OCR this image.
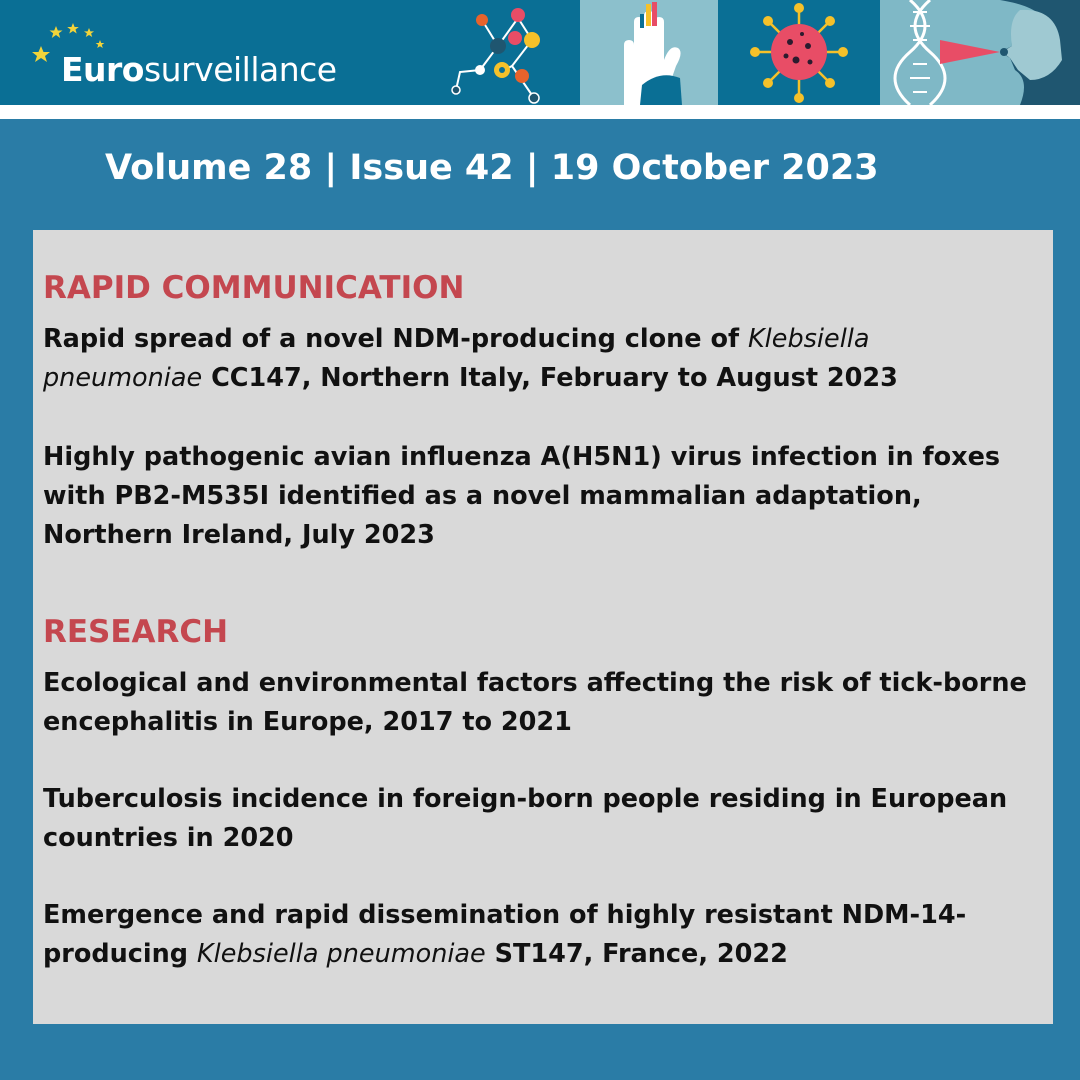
Eurosurveillance
Volume 28 | Issue 42 | 19 October 2023
RAPID COMMUNICATION
Rapid spread of a novel NDM-producing clone of Klebsiella pneumoniae CC147, Northern Italy, February to August 2023
Highly pathogenic avian influenza A(H5N1) virus infection in foxes with PB2-M535I identified as a novel mammalian adaptation, Northern Ireland, July 2023
RESEARCH
Ecological and environmental factors affecting the risk of tick-borne encephalitis in Europe, 2017 to 2021
Tuberculosis incidence in foreign-born people residing in European countries in 2020
Emergence and rapid dissemination of highly resistant NDM-14-producing Klebsiella pneumoniae ST147, France, 2022
